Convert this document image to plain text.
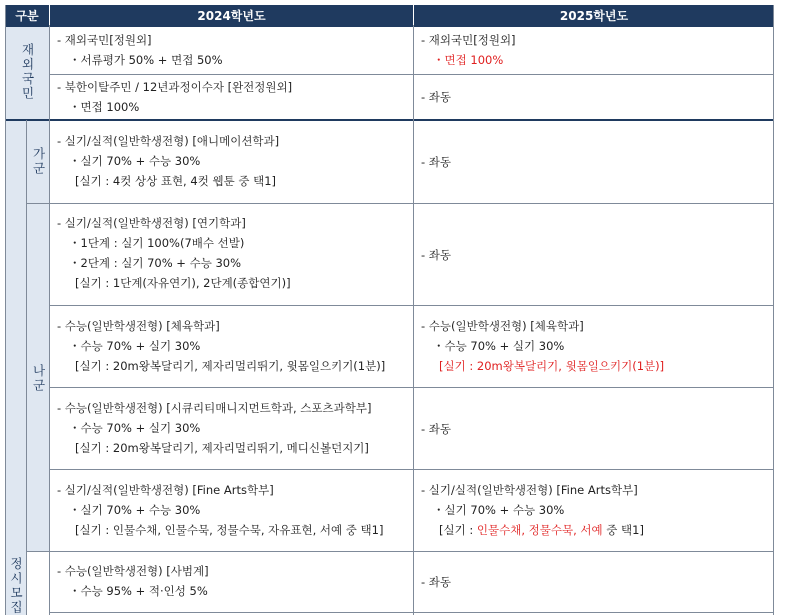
구분	2024학년도	2025학년도
재외국민
정시모집
가군
나군
- 재외국민[정원외]
・서류평가 50% + 면접 50%
- 재외국민[정원외]
・면접 100%
- 북한이탈주민 / 12년과정이수자 [완전정원외]
・면접 100%
- 좌동
- 실기/실적(일반학생전형) [애니메이션학과]
・실기 70% + 수능 30%
[실기 : 4컷 상상 표현, 4컷 웹툰 중 택1]
- 좌동
- 실기/실적(일반학생전형) [연기학과]
・1단계 : 실기 100%(7배수 선발)
・2단계 : 실기 70% + 수능 30%
[실기 : 1단계(자유연기), 2단계(종합연기)]
- 좌동
- 수능(일반학생전형) [체육학과]
・수능 70% + 실기 30%
[실기 : 20m왕복달리기, 제자리멀리뛰기, 윗몸일으키기(1분)]
- 수능(일반학생전형) [체육학과]
・수능 70% + 실기 30%
[실기 : 20m왕복달리기, 윗몸일으키기(1분)]
- 수능(일반학생전형) [시큐리티매니지먼트학과, 스포츠과학부]
・수능 70% + 실기 30%
[실기 : 20m왕복달리기, 제자리멀리뛰기, 메디신볼던지기]
- 좌동
- 실기/실적(일반학생전형) [Fine Arts학부]
・실기 70% + 수능 30%
[실기 : 인물수채, 인물수묵, 정물수묵, 자유표현, 서예 중 택1]
- 실기/실적(일반학생전형) [Fine Arts학부]
・실기 70% + 수능 30%
[실기 : 인물수채, 정물수묵, 서예 중 택1]
- 수능(일반학생전형) [사범계]
・수능 95% + 적·인성 5%
- 좌동
